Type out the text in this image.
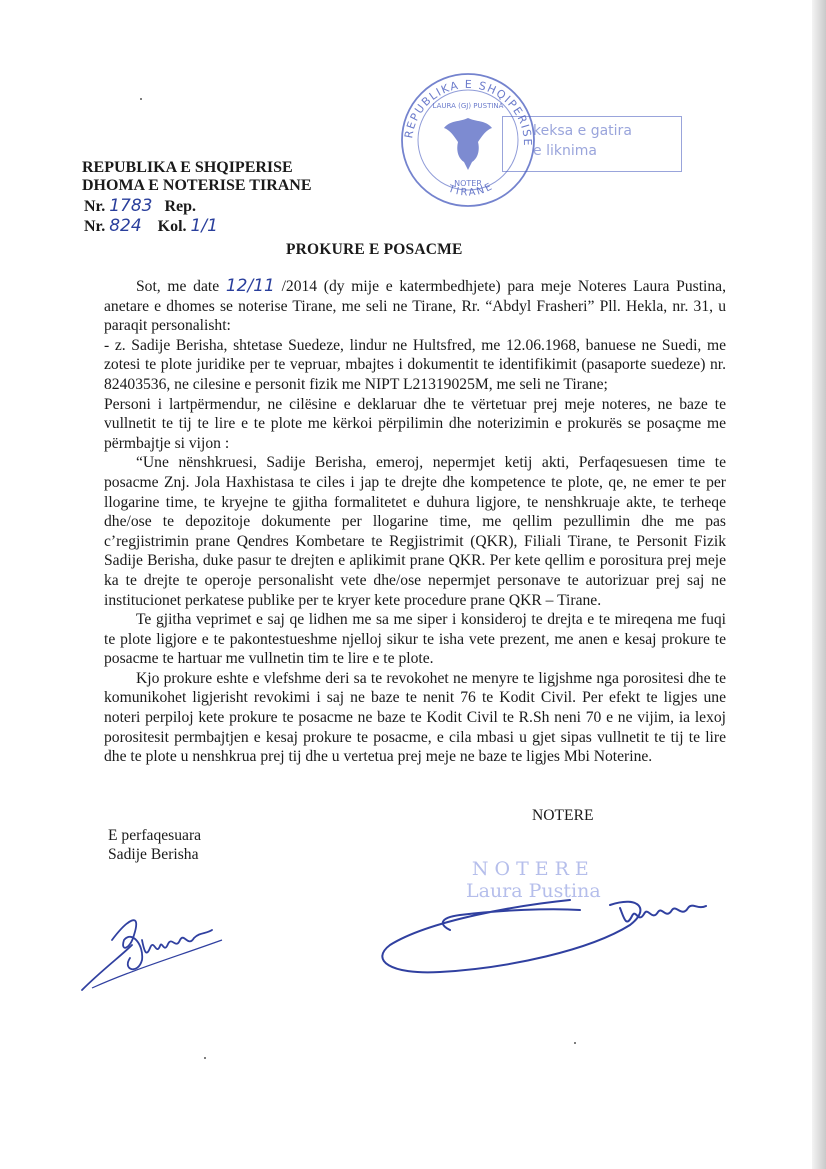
REPUBLIKA E SHQIPERISE
TIRANE
LAURA (GJ) PUSTINA
NOTER
keksa e gatira
e liknima
REPUBLIKA E SHQIPERISE
DHOMA E NOTERISE TIRANE
Nr. 1783 Rep.
Nr. 824 Kol. 1/1
PROKURE E POSACME

Sot, me date 12/11 /2014 (dy mije e katermbedhjete) para meje Noteres Laura Pustina, anetare e dhomes se noterise Tirane, me seli ne Tirane, Rr. “Abdyl Frasheri” Pll. Hekla, nr. 31, u paraqit personalisht:

- z. Sadije Berisha, shtetase Suedeze, lindur ne Hultsfred, me 12.06.1968, banuese ne Suedi, me zotesi te plote juridike per te vepruar, mbajtes i dokumentit te identifikimit (pasaporte suedeze) nr. 82403536, ne cilesine e personit fizik me NIPT L21319025M, me seli ne Tirane;

Personi i lartpërmendur, ne cilësine e deklaruar dhe te vërtetuar prej meje noteres, ne baze te vullnetit te tij te lire e te plote me kërkoi përpilimin dhe noterizimin e prokurës se posaçme me përmbajtje si vijon :

“Une nënshkruesi, Sadije Berisha, emeroj, nepermjet ketij akti, Perfaqesuesen time te posacme Znj. Jola Haxhistasa te ciles i jap te drejte dhe kompetence te plote, qe, ne emer te per llogarine time, te kryejne te gjitha formalitetet e duhura ligjore, te nenshkruaje akte, te terheqe dhe/ose te depozitoje dokumente per llogarine time, me qellim pezullimin dhe me pas c’regjistrimin prane Qendres Kombetare te Regjistrimit (QKR), Filiali Tirane, te Personit Fizik Sadije Berisha, duke pasur te drejten e aplikimit prane QKR. Per kete qellim e porositura prej meje ka te drejte te operoje personalisht vete dhe/ose nepermjet personave te autorizuar prej saj ne institucionet perkatese publike per te kryer kete procedure prane QKR – Tirane.

Te gjitha veprimet e saj qe lidhen me sa me siper i konsideroj te drejta e te mireqena me fuqi te plote ligjore e te pakontestueshme njelloj sikur te isha vete prezent, me anen e kesaj prokure te posacme te hartuar me vullnetin tim te lire e te plote.

Kjo prokure eshte e vlefshme deri sa te revokohet ne menyre te ligjshme nga porositesi dhe te komunikohet ligjerisht revokimi i saj ne baze te nenit 76 te Kodit Civil. Per efekt te ligjes une noteri perpiloj kete prokure te posacme ne baze te Kodit Civil te R.Sh neni 70 e ne vijim, ia lexoj porositesit permbajtjen e kesaj prokure te posacme, e cila mbasi u gjet sipas vullnetit te tij te lire dhe te plote u nenshkrua prej tij dhe u vertetua prej meje ne baze te ligjes Mbi Noterine.

NOTERE
E perfaqesuara
Sadije Berisha
NOTERE
Laura Pustina
